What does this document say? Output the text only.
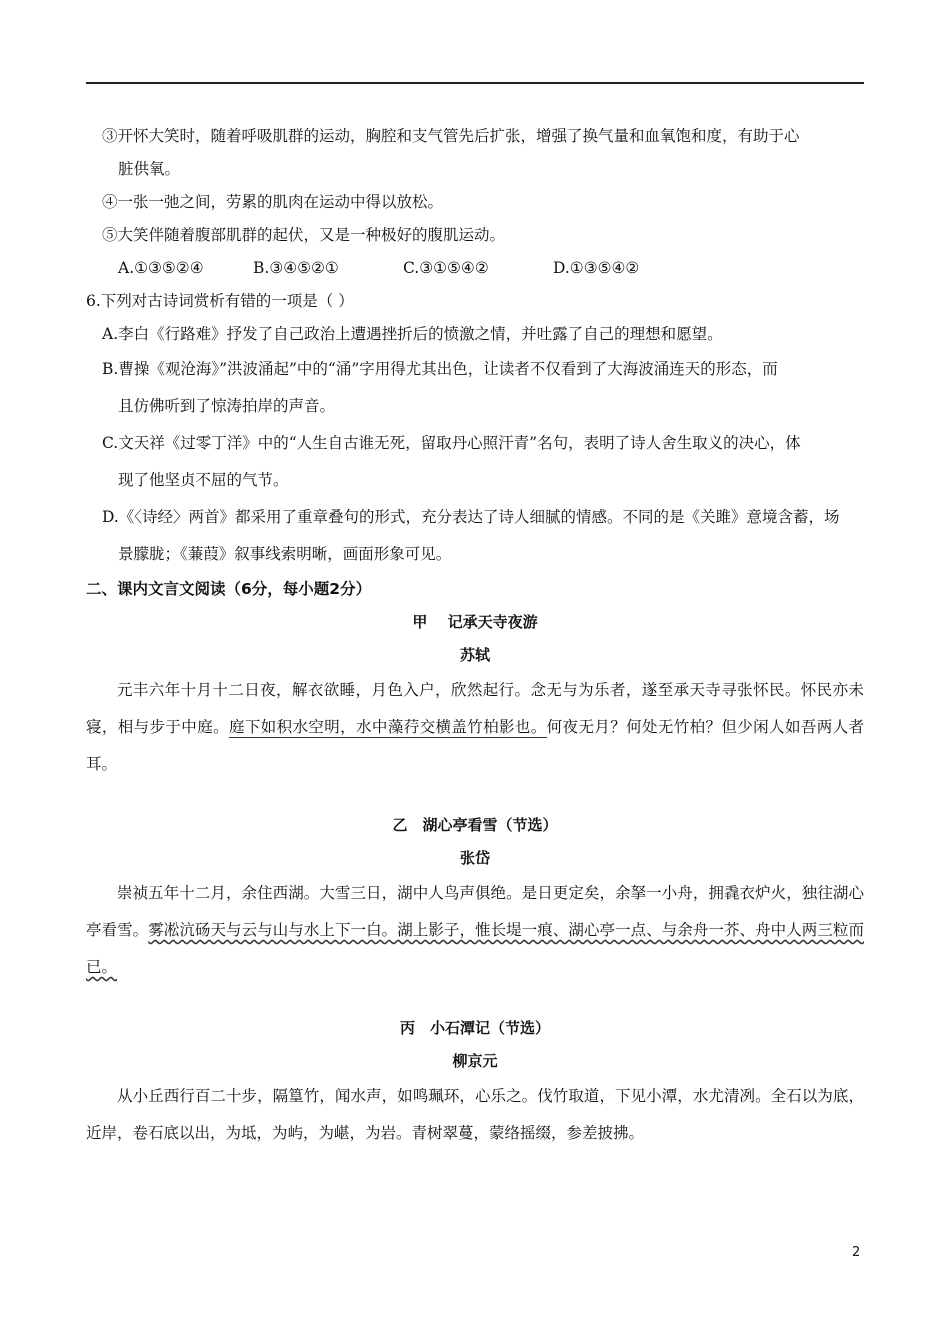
③开怀大笑时，随着呼吸肌群的运动，胸腔和支气管先后扩张，增强了换气量和血氧饱和度，有助于心

脏供氧。

④一张一弛之间，劳累的肌肉在运动中得以放松。

⑤大笑伴随着腹部肌群的起伏，又是一种极好的腹肌运动。

A.①③⑤②④	B.③④⑤②①	C.③①⑤④②	D.①③⑤④②

6.下列对古诗词赏析有错的一项是（ ）

A.李白《行路难》抒发了自己政治上遭遇挫折后的愤激之情，并吐露了自己的理想和愿望。

B.曹操《观沧海》”洪波涌起”中的“涌”字用得尤其出色，让读者不仅看到了大海波涌连天的形态，而

且仿佛听到了惊涛拍岸的声音。

C.文天祥《过零丁洋》中的“人生自古谁无死，留取丹心照汗青”名句，表明了诗人舍生取义的决心，体

现了他坚贞不屈的气节。

D.《〈诗经〉两首》都采用了重章叠句的形式，充分表达了诗人细腻的情感。不同的是《关雎》意境含蓄，场

景朦胧；《蒹葭》叙事线索明晰，画面形象可见。

二、课内文言文阅读（6分，每小题2分）
甲　 记承天寺夜游
苏轼

元丰六年十月十二日夜，解衣欲睡，月色入户，欣然起行。念无与为乐者，遂至承天寺寻张怀民。怀民亦未寝，相与步于中庭。庭下如积水空明，水中藻荇交横盖竹柏影也。何夜无月？何处无竹柏？但少闲人如吾两人者耳。

乙　湖心亭看雪（节选）
张岱

崇祯五年十二月，余住西湖。大雪三日，湖中人鸟声俱绝。是日更定矣，余拏一小舟，拥毳衣炉火，独往湖心亭看雪。雾凇沆砀天与云与山与水上下一白。湖上影子，惟长堤一痕、湖心亭一点、与余舟一芥、舟中人两三粒而已。

丙　小石潭记（节选）
柳京元

从小丘西行百二十步，隔篁竹，闻水声，如鸣珮环，心乐之。伐竹取道，下见小潭，水尤清冽。全石以为底，近岸，卷石底以出，为坻，为屿，为嵁，为岩。青树翠蔓，蒙络摇缀，参差披拂。

2
